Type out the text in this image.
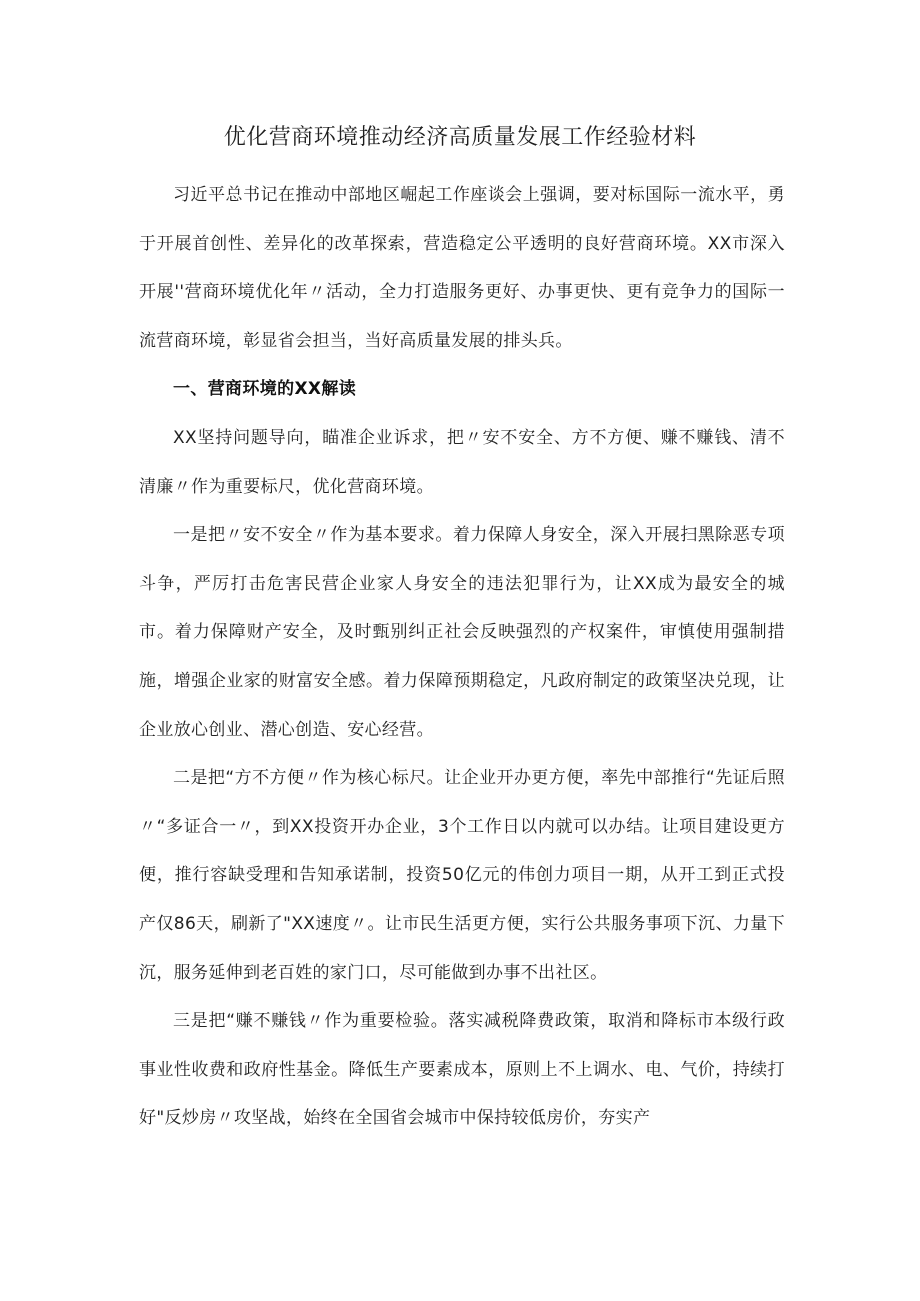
优化营商环境推动经济高质量发展工作经验材料

习近平总书记在推动中部地区崛起工作座谈会上强调，要对标国际一流水平，勇于开展首创性、差异化的改革探索，营造稳定公平透明的良好营商环境。XX市深入开展''营商环境优化年〃活动，全力打造服务更好、办事更快、更有竞争力的国际一流营商环境，彰显省会担当，当好高质量发展的排头兵。

一、营商环境的XX解读

XX坚持问题导向，瞄准企业诉求，把〃安不安全、方不方便、赚不赚钱、清不清廉〃作为重要标尺，优化营商环境。

一是把〃安不安全〃作为基本要求。着力保障人身安全，深入开展扫黑除恶专项斗争，严厉打击危害民营企业家人身安全的违法犯罪行为，让XX成为最安全的城市。着力保障财产安全，及时甄别纠正社会反映强烈的产权案件，审慎使用强制措施，增强企业家的财富安全感。着力保障预期稳定，凡政府制定的政策坚决兑现，让企业放心创业、潜心创造、安心经营。

二是把“方不方便〃作为核心标尺。让企业开办更方便，率先中部推行“先证后照〃“多证合一〃，到XX投资开办企业，3个工作日以内就可以办结。让项目建设更方便，推行容缺受理和告知承诺制，投资50亿元的伟创力项目一期，从开工到正式投产仅86天，刷新了"XX速度〃。让市民生活更方便，实行公共服务事项下沉、力量下沉，服务延伸到老百姓的家门口，尽可能做到办事不出社区。

三是把“赚不赚钱〃作为重要检验。落实减税降费政策，取消和降标市本级行政事业性收费和政府性基金。降低生产要素成本，原则上不上调水、电、气价，持续打好"反炒房〃攻坚战，始终在全国省会城市中保持较低房价，夯实产
